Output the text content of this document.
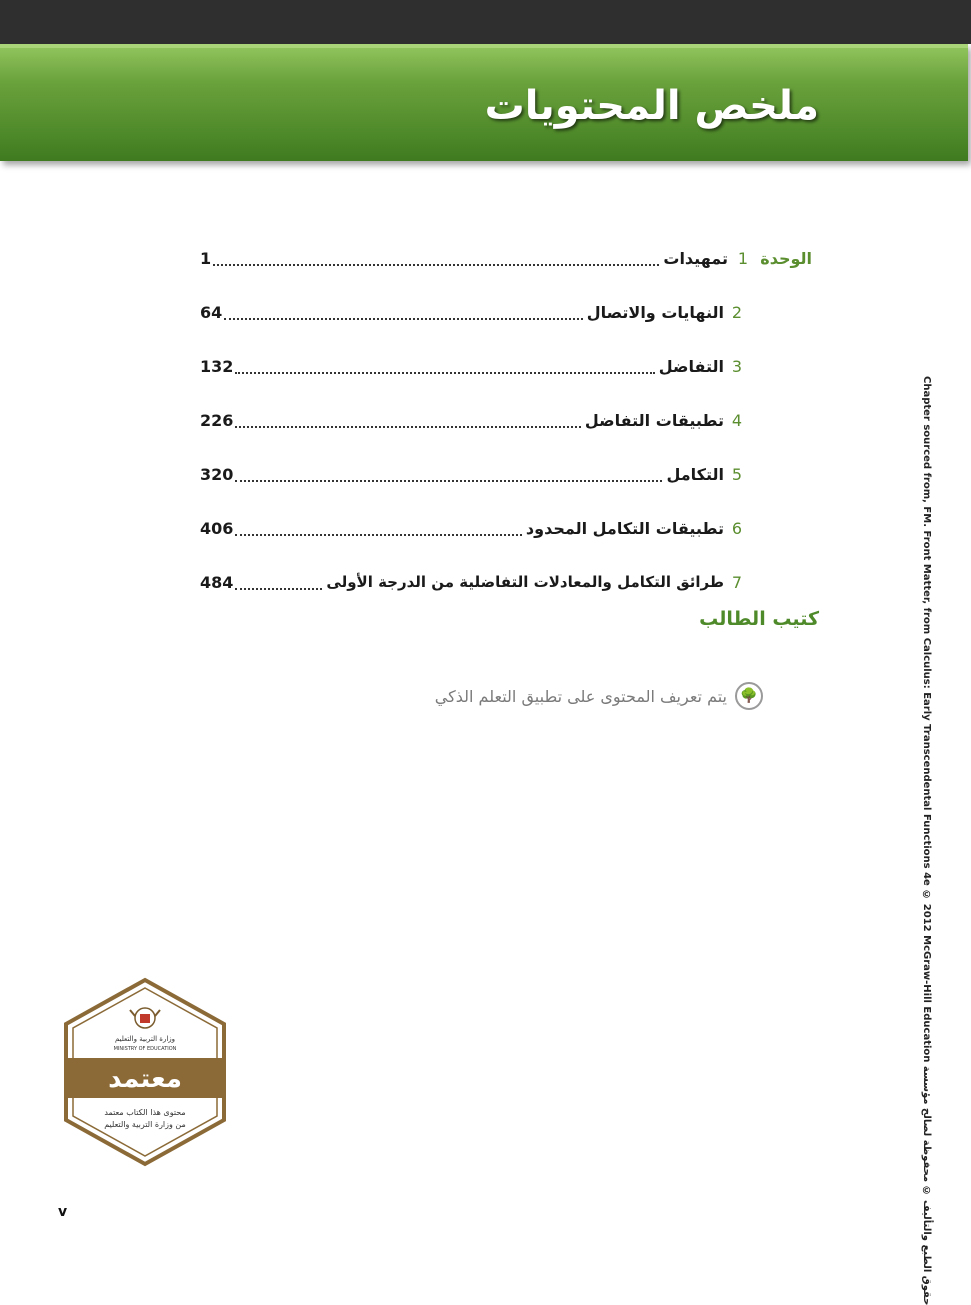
ملخص المحتويات
الوحدة
1
تمهيدات
1
2
النهايات والاتصال
64
3
التفاضل
132
4
تطبيقات التفاضل
226
5
التكامل
320
6
تطبيقات التكامل المحدود
406
7
طرائق التكامل والمعادلات التفاضلية من الدرجة الأولى
484
كتيب الطالب
🌳
يتم تعريف المحتوى على تطبيق التعلم الذكي	Chapter sourced from, FM. Front Matter, from Calculus: Early Transcendental Functions 4e © 2012 McGraw-Hill Education حقوق الطبع والتأليف © محفوظة لصالح مؤسسة
وزارة التربية والتعليم
MINISTRY OF EDUCATION
معتمد
محتوى هذا الكتاب معتمد
من وزارة التربية والتعليم
v
